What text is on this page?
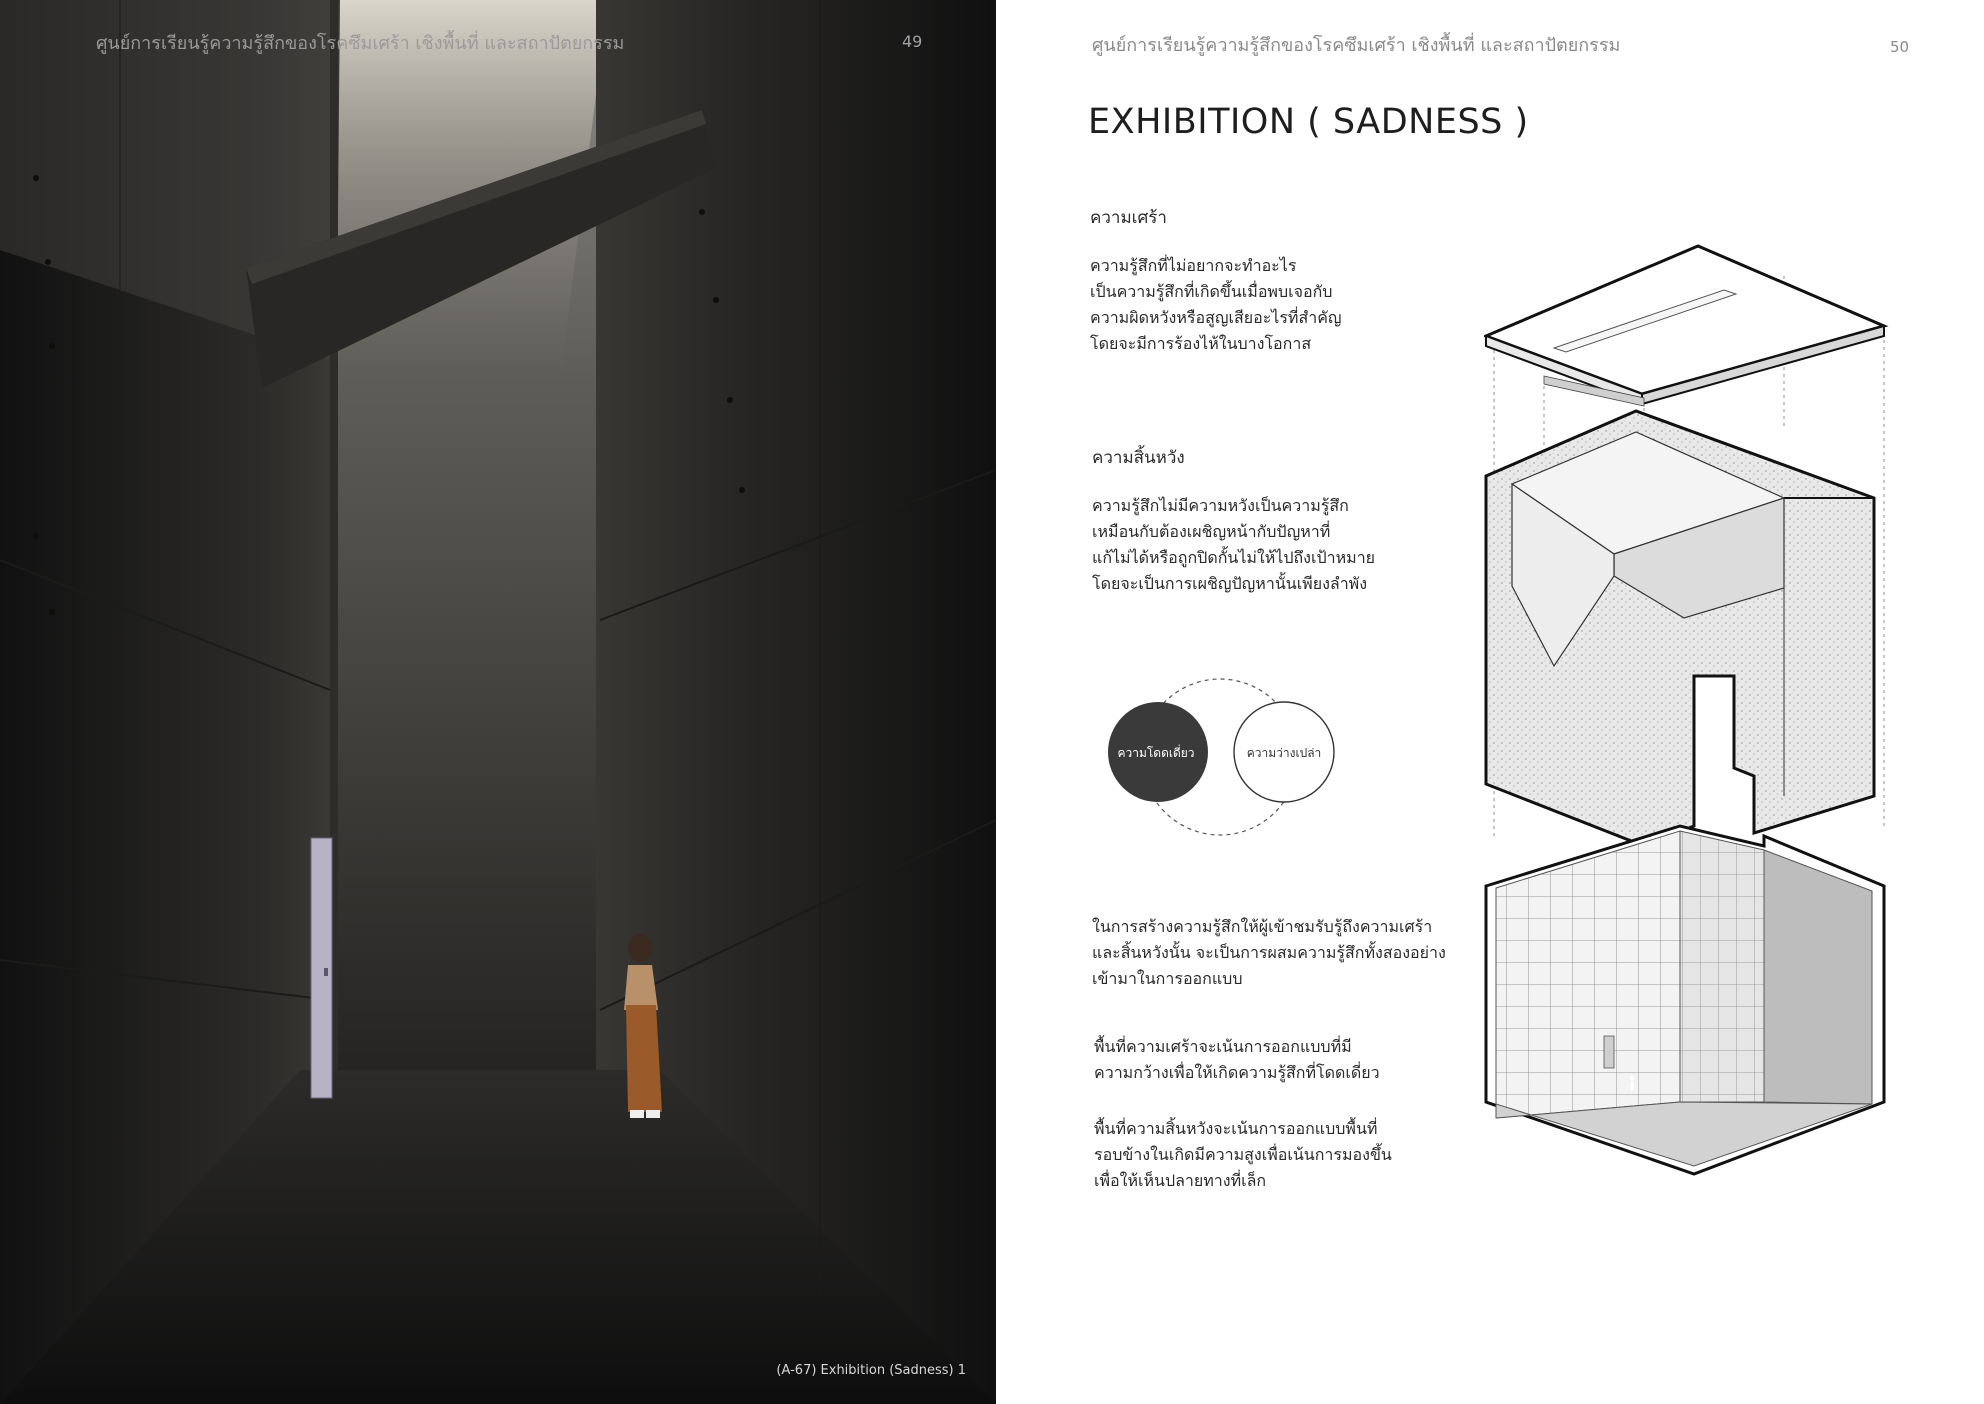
ศูนย์การเรียนรู้ความรู้สึกของโรคซึมเศร้า เชิงพื้นที่ และสถาปัตยกรรม	49
(A-67) Exhibition (Sadness) 1
ศูนย์การเรียนรู้ความรู้สึกของโรคซึมเศร้า เชิงพื้นที่ และสถาปัตยกรรม	50
EXHIBITION ( SADNESS )
ความเศร้า
ความรู้สึกที่ไม่อยากจะทำอะไร
เป็นความรู้สึกที่เกิดขึ้นเมื่อพบเจอกับ
ความผิดหวังหรือสูญเสียอะไรที่สำคัญ
โดยจะมีการร้องไห้ในบางโอกาส
ความสิ้นหวัง
ความรู้สึกไม่มีความหวังเป็นความรู้สึก
เหมือนกับต้องเผชิญหน้ากับปัญหาที่
แก้ไม่ได้หรือถูกปิดกั้นไม่ให้ไปถึงเป้าหมาย
โดยจะเป็นการเผชิญปัญหานั้นเพียงลำพัง
ความโดดเดี่ยว	ความว่างเปล่า
ในการสร้างความรู้สึกให้ผู้เข้าชมรับรู้ถึงความเศร้า
และสิ้นหวังนั้น จะเป็นการผสมความรู้สึกทั้งสองอย่าง
เข้ามาในการออกแบบ
พื้นที่ความเศร้าจะเน้นการออกแบบที่มี
ความกว้างเพื่อให้เกิดความรู้สึกที่โดดเดี่ยว
พื้นที่ความสิ้นหวังจะเน้นการออกแบบพื้นที่
รอบข้างในเกิดมีความสูงเพื่อเน้นการมองขึ้น
เพื่อให้เห็นปลายทางที่เล็ก
